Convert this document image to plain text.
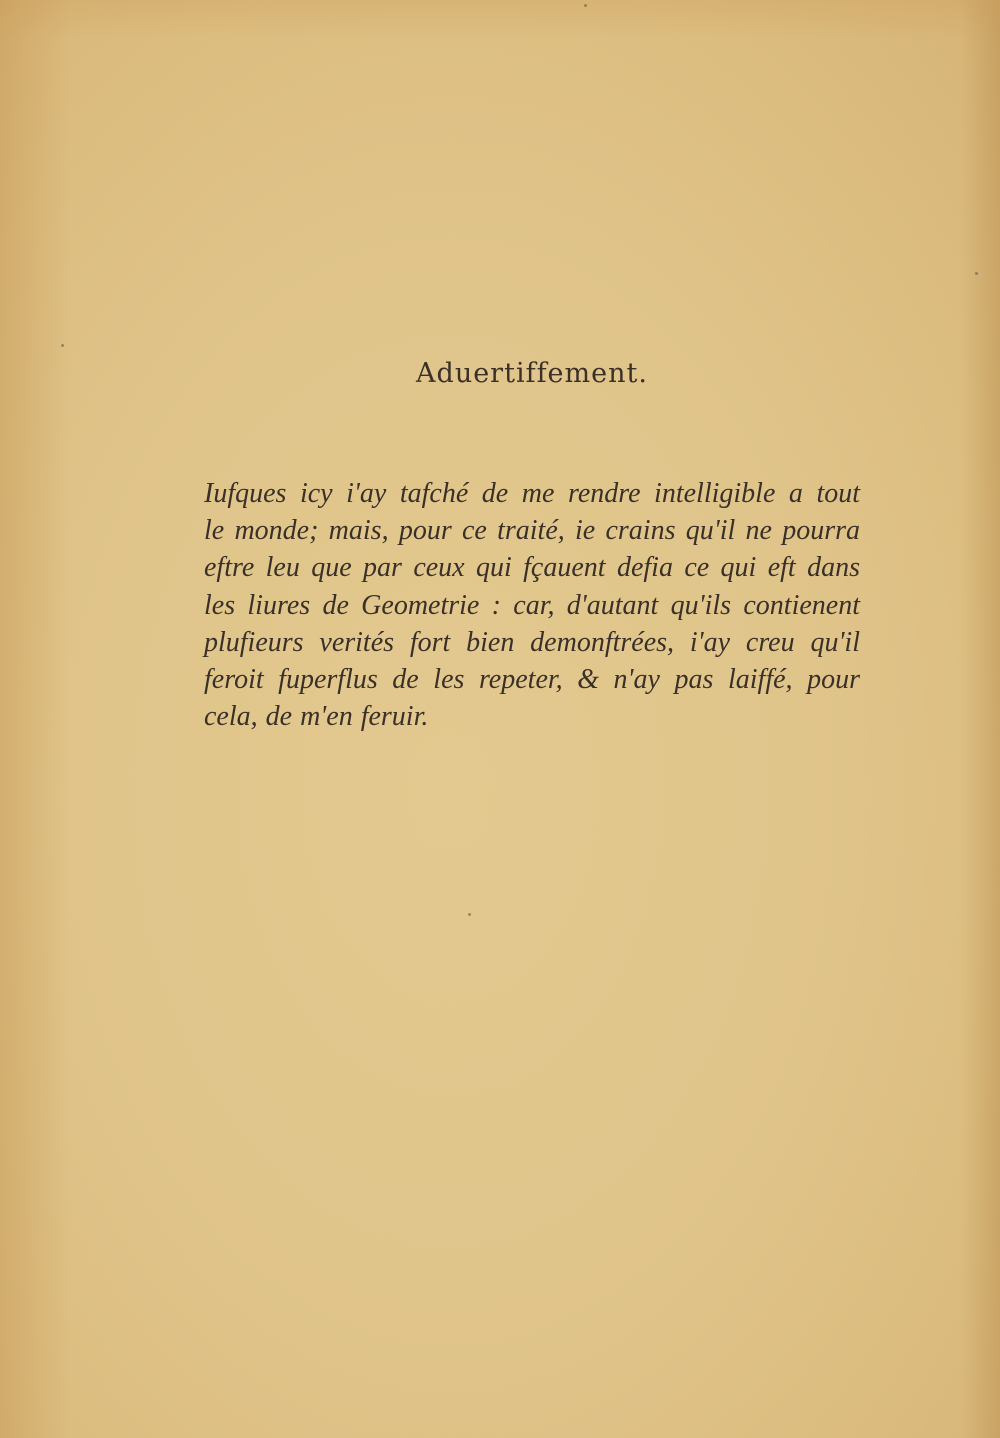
Aduertiffement.
Iufques icy i'ay tafché de me rendre intelligible a tout
le monde; mais, pour ce traité, ie crains qu'il ne pourra
eftre leu que par ceux qui fçauent defia ce qui eft dans
les liures de Geometrie : car, d'autant qu'ils contienent
plufieurs verités fort bien demonftrées, i'ay creu qu'il
feroit fuperflus de les repeter, & n'ay pas laiffé, pour
cela, de m'en feruir.
